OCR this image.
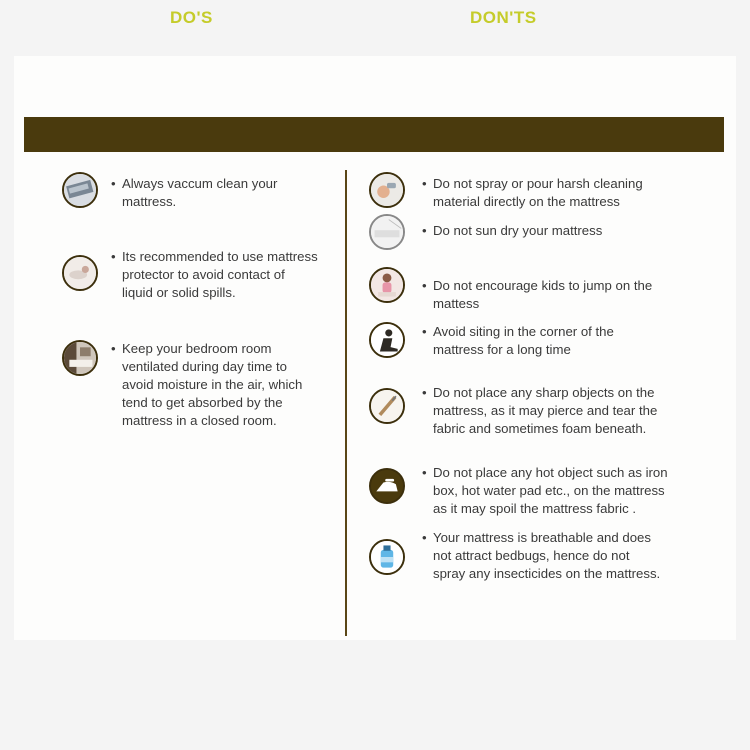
DO'S	DON'TS
• Always vaccum clean your
mattress.
• Its recommended to use mattress
protector to avoid contact of
liquid or solid spills.
• Keep your bedroom room
ventilated during day time to
avoid moisture in the air, which
tend to get absorbed by the
mattress in a closed room.
• Do not spray or pour harsh cleaning
material directly on the mattress
• Do not sun dry your mattress
• Do not encourage kids to jump on the
mattess
• Avoid siting in the corner of the
mattress for a long time
• Do not place any sharp objects on the
mattress, as it may pierce and tear the
fabric and sometimes foam beneath.
• Do not place any hot object such as iron
box, hot water pad etc., on the mattress
as it may spoil the mattress fabric .
• Your mattress is breathable and does
not attract bedbugs, hence do not
spray any insecticides on the mattress.
